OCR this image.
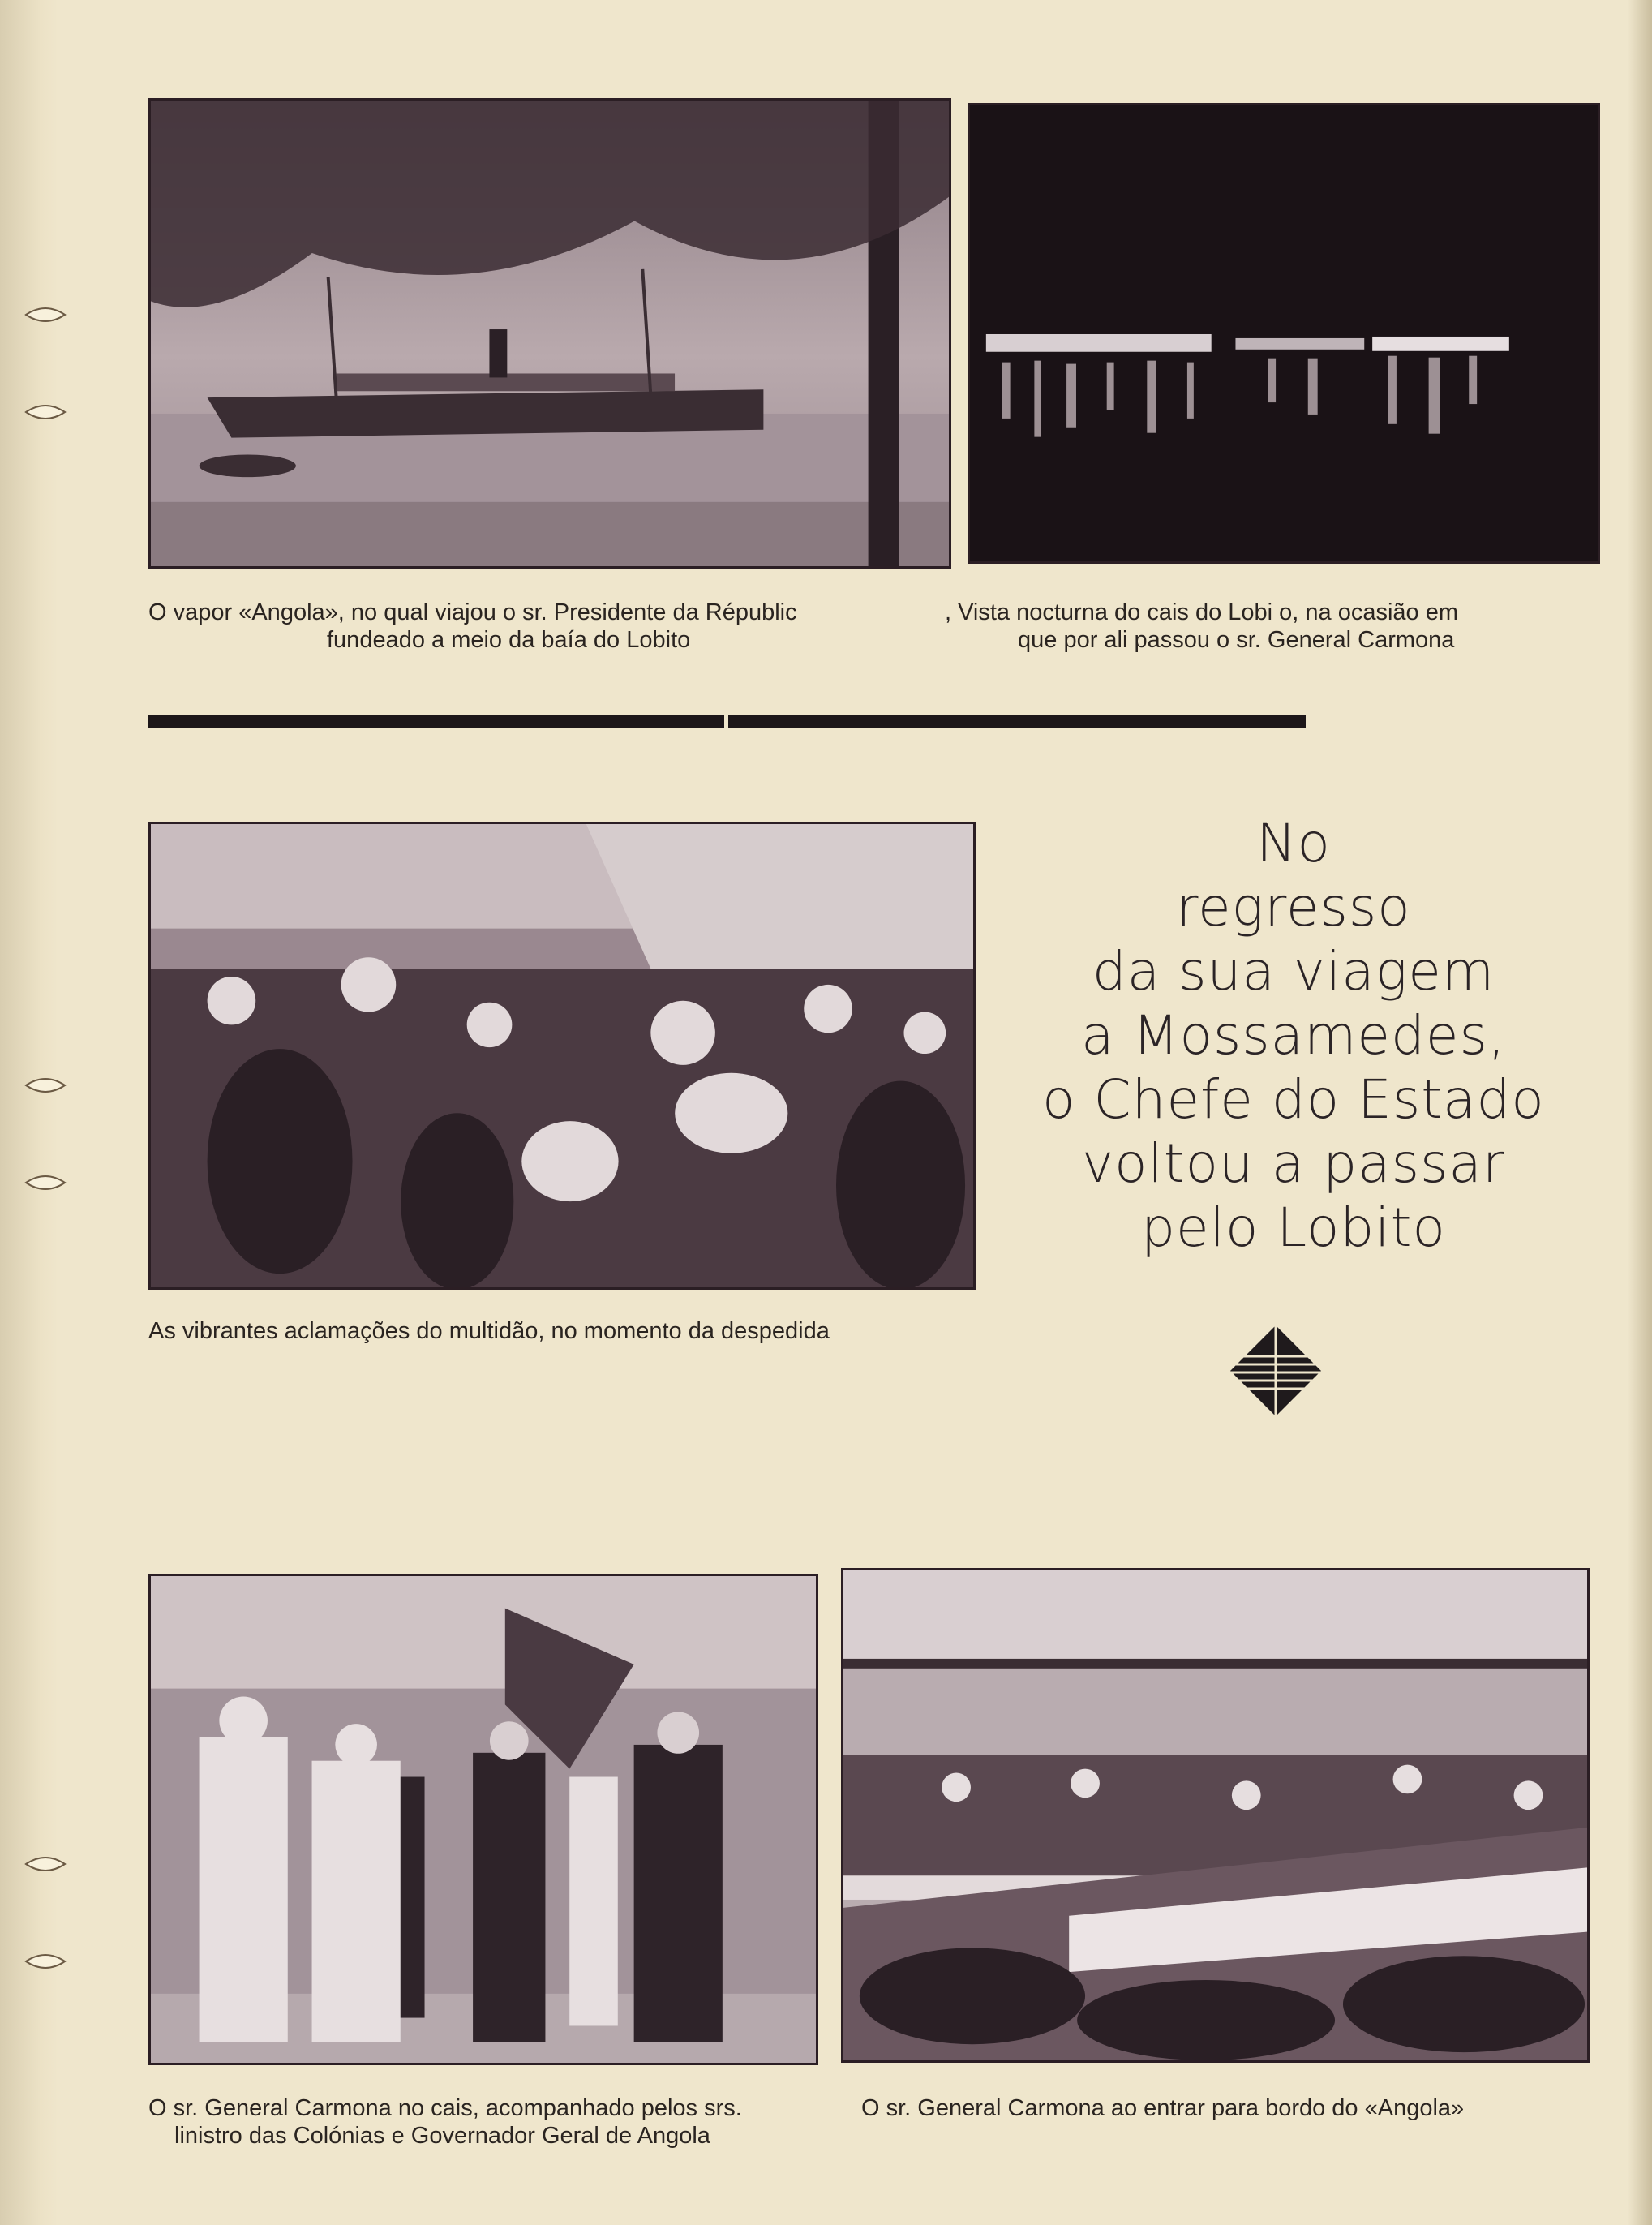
O vapor «Angola», no qual viajou o sr. Presidente da Républic
fundeado a meio da baía do Lobito
, Vista nocturna do cais do Lobi o, na ocasião em
que por ali passou o sr. General Carmona
As vibrantes aclamações do multidão, no momento da despedida
No
regresso
da sua viagem
a Mossamedes,
o Chefe do Estado
voltou a passar
pelo Lobito
O sr. General Carmona no cais, acompanhado pelos srs.
linistro das Colónias e Governador Geral de Angola
O sr. General Carmona ao entrar para bordo do «Angola»
